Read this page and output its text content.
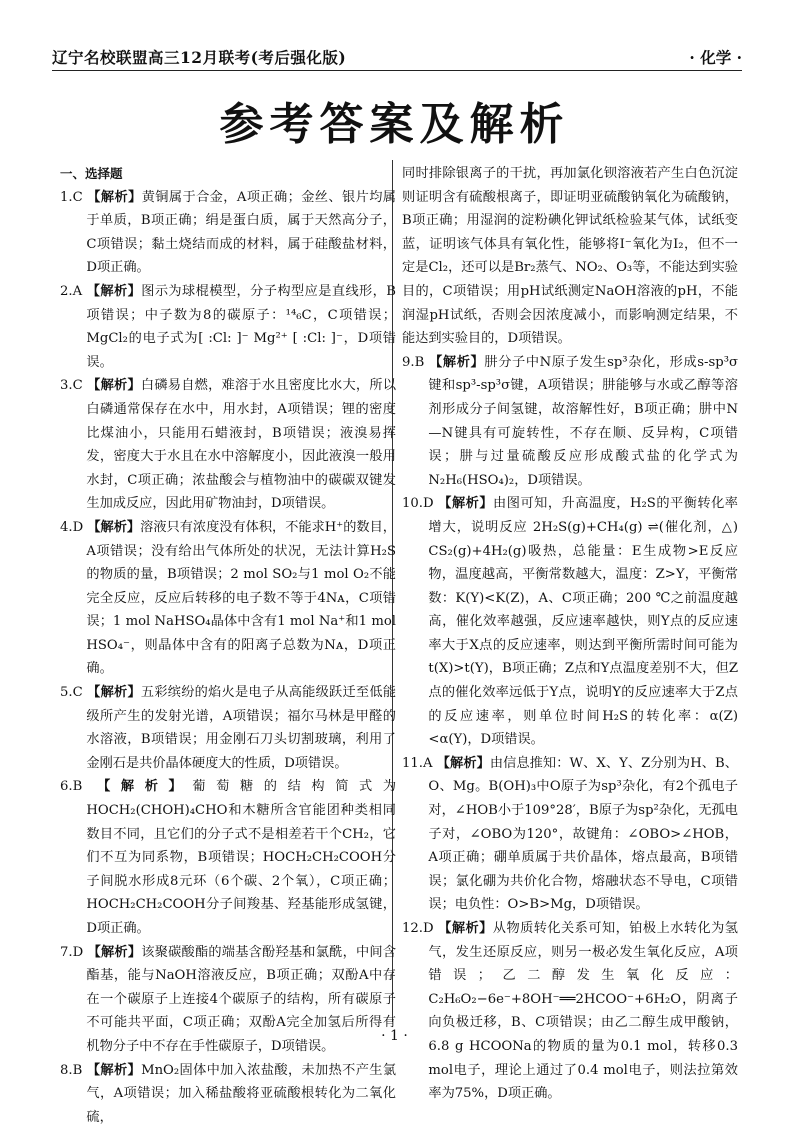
辽宁名校联盟高三12月联考(考后强化版)	· 化学 ·
参考答案及解析
一、选择题

1.C 【解析】黄铜属于合金，A项正确；金丝、银片均属于单质，B项正确；绢是蛋白质，属于天然高分子，C项错误；黏土烧结而成的材料，属于硅酸盐材料，D项正确。

2.A 【解析】图示为球棍模型，分子构型应是直线形，B项错误；中子数为8的碳原子：¹⁴₆C，C项错误；MgCl₂的电子式为[ :Cl: ]⁻ Mg²⁺ [ :Cl: ]⁻，D项错误。

3.C 【解析】白磷易自燃，难溶于水且密度比水大，所以白磷通常保存在水中，用水封，A项错误；锂的密度比煤油小，只能用石蜡液封，B项错误；液溴易挥发，密度大于水且在水中溶解度小，因此液溴一般用水封，C项正确；浓盐酸会与植物油中的碳碳双键发生加成反应，因此用矿物油封，D项错误。

4.D 【解析】溶液只有浓度没有体积，不能求H⁺的数目，A项错误；没有给出气体所处的状况，无法计算H₂S的物质的量，B项错误；2 mol SO₂与1 mol O₂不能完全反应，反应后转移的电子数不等于4Nᴀ，C项错误；1 mol NaHSO₄晶体中含有1 mol Na⁺和1 mol HSO₄⁻，则晶体中含有的阳离子总数为Nᴀ，D项正确。

5.C 【解析】五彩缤纷的焰火是电子从高能级跃迁至低能级所产生的发射光谱，A项错误；福尔马林是甲醛的水溶液，B项错误；用金刚石刀头切割玻璃，利用了金刚石是共价晶体硬度大的性质，D项错误。

6.B 【解析】葡萄糖的结构简式为HOCH₂(CHOH)₄CHO和木糖所含官能团种类相同数目不同，且它们的分子式不是相差若干个CH₂，它们不互为同系物，B项错误；HOCH₂CH₂COOH分子间脱水形成8元环（6个碳、2个氧），C项正确；HOCH₂CH₂COOH分子间羧基、羟基能形成氢键，D项正确。

7.D 【解析】该聚碳酸酯的端基含酚羟基和氯酰，中间含酯基，能与NaOH溶液反应，B项正确；双酚A中存在一个碳原子上连接4个碳原子的结构，所有碳原子不可能共平面，C项正确；双酚A完全加氢后所得有机物分子中不存在手性碳原子，D项错误。

8.B 【解析】MnO₂固体中加入浓盐酸，未加热不产生氯气，A项错误；加入稀盐酸将亚硫酸根转化为二氧化硫，

同时排除银离子的干扰，再加氯化钡溶液若产生白色沉淀则证明含有硫酸根离子，即证明亚硫酸钠氧化为硫酸钠，B项正确；用湿润的淀粉碘化钾试纸检验某气体，试纸变蓝，证明该气体具有氧化性，能够将I⁻氧化为I₂，但不一定是Cl₂，还可以是Br₂蒸气、NO₂、O₃等，不能达到实验目的，C项错误；用pH试纸测定NaOH溶液的pH，不能润湿pH试纸，否则会因浓度减小，而影响测定结果，不能达到实验目的，D项错误。

9.B 【解析】肼分子中N原子发生sp³杂化，形成s-sp³σ键和sp³-sp³σ键，A项错误；肼能够与水或乙醇等溶剂形成分子间氢键，故溶解性好，B项正确；肼中N—N键具有可旋转性，不存在顺、反异构，C项错误；肼与过量硫酸反应形成酸式盐的化学式为N₂H₆(HSO₄)₂，D项错误。

10.D 【解析】由图可知，升高温度，H₂S的平衡转化率增大，说明反应 2H₂S(g)+CH₄(g) ⇌(催化剂，△) CS₂(g)+4H₂(g)吸热，总能量：E生成物>E反应物，温度越高，平衡常数越大，温度：Z>Y，平衡常数：K(Y)<K(Z)，A、C项正确；200 ℃之前温度越高，催化效率越强，反应速率越快，则Y点的反应速率大于X点的反应速率，则达到平衡所需时间可能为t(X)>t(Y)，B项正确；Z点和Y点温度差别不大，但Z点的催化效率远低于Y点，说明Y的反应速率大于Z点的反应速率，则单位时间H₂S的转化率：α(Z)<α(Y)，D项错误。

11.A 【解析】由信息推知：W、X、Y、Z分别为H、B、O、Mg。B(OH)₃中O原子为sp³杂化，有2个孤电子对，∠HOB小于109°28′，B原子为sp²杂化，无孤电子对，∠OBO为120°，故键角：∠OBO>∠HOB，A项正确；硼单质属于共价晶体，熔点最高，B项错误；氯化硼为共价化合物，熔融状态不导电，C项错误；电负性：O>B>Mg，D项错误。

12.D 【解析】从物质转化关系可知，铂极上水转化为氢气，发生还原反应，则另一极必发生氧化反应，A项错误；乙二醇发生氧化反应：C₂H₆O₂−6e⁻+8OH⁻══2HCOO⁻+6H₂O，阴离子向负极迁移，B、C项错误；由乙二醇生成甲酸钠，6.8 g HCOONa的物质的量为0.1 mol，转移0.3 mol电子，理论上通过了0.4 mol电子，则法拉第效率为75%，D项正确。

· 1 ·
